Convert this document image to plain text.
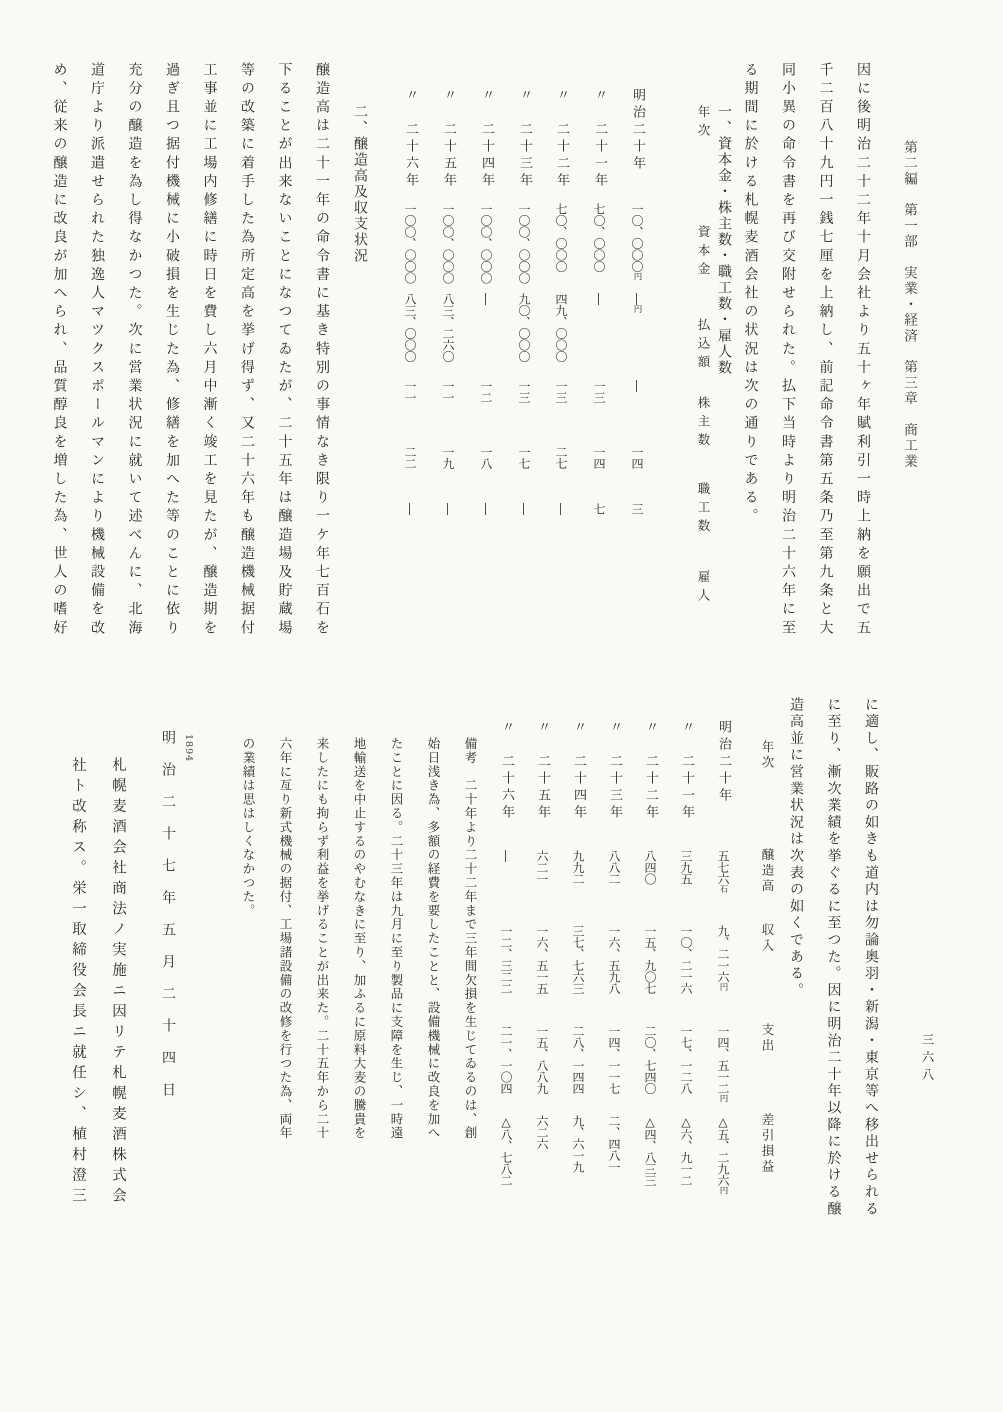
第二編　第一部　実業・経済　第三章　商工業
三六八
因に後明治二十二年十月会社より五十ヶ年賦利引一時上納を願出で五
千二百八十九円一銭七厘を上納し、前記命令書第五条乃至第九条と大
同小異の命令書を再び交附せられた。払下当時より明治二十六年に至
る期間に於ける札幌麦酒会社の状況は次の通りである。
一、資本金・株主数・職工数・雇人数
年次
資本金
払込額
株主数
職工数
雇人
明治二十年
一〇、〇〇〇円
―円
―
一四
三
〃　二十一年
七〇、〇〇〇
―
一三
一四
七
〃　二十二年
七〇、〇〇〇
四九、〇〇〇
一三
二七
―
〃　二十三年
一〇〇、〇〇〇
九〇、〇〇〇
一三
一七
―
〃　二十四年
一〇〇、〇〇〇
―
一二
一八
―
〃　二十五年
一〇〇、〇〇〇
八三、二六〇
一一
一九
―
〃　二十六年
一〇〇、〇〇〇
八三、〇〇〇
一一
二二
―
二、醸造高及収支状況
醸造高は二十一年の命令書に基き特別の事情なき限り一ケ年七百石を
下ることが出来ないことになつてゐたが、二十五年は醸造場及貯蔵場
等の改築に着手した為所定高を挙げ得ず、又二十六年も醸造機械据付
工事並に工場内修繕に時日を費し六月中漸く竣工を見たが、醸造期を
過ぎ且つ据付機械に小破損を生じた為、修繕を加へた等のことに依り
充分の醸造を為し得なかつた。次に営業状況に就いて述べんに、北海
道庁より派遣せられた独逸人マツクスポールマンにより機械設備を改
め、従来の醸造に改良が加へられ、品質醇良を増した為、世人の嗜好
に適し、販路の如きも道内は勿論奥羽・新潟・東京等へ移出せられる
に至り、漸次業績を挙ぐるに至つた。因に明治二十年以降に於ける醸
造高並に営業状況は次表の如くである。
年次
醸造高
収入
支出
差引損益
明治二十年
五七六石
九、二一六円
一四、五一二円
△五、二九六円
〃　二十一年
三九五
一〇、二一六
一七、一二八
△六、九一二
〃　二十二年
八四〇
一五、九〇七
二〇、七四〇
△四、八三三
〃　二十三年
八八二
一六、五九八
一四、一一七
二、四八一
〃　二十四年
九九二
三七、七六三
二八、一四四
九、六一九
〃　二十五年
六二一
一六、五一五
一五、八八九
六二六
〃　二十六年
―
一二、三二二
二一、一〇四
△八、七八二
備考　二十年より二十二年まで三年間欠損を生じてゐるのは、創
始日浅き為、多額の経費を要したことと、設備機械に改良を加へ
たことに因る。二十三年は九月に至り製品に支障を生じ、一時遠
地輸送を中止するのやむなきに至り、加ふるに原料大麦の騰貴を
来したにも拘らず利益を挙げることが出来た。二十五年から二十
六年に亙り新式機械の据付、工場諸設備の改修を行つた為、両年
の業績は思はしくなかつた。
1894
明治二十七年五月二十四日
札幌麦酒会社商法ノ実施ニ因リテ札幌麦酒株式会
社ト改称ス。栄一取締役会長ニ就任シ、植村澄三
